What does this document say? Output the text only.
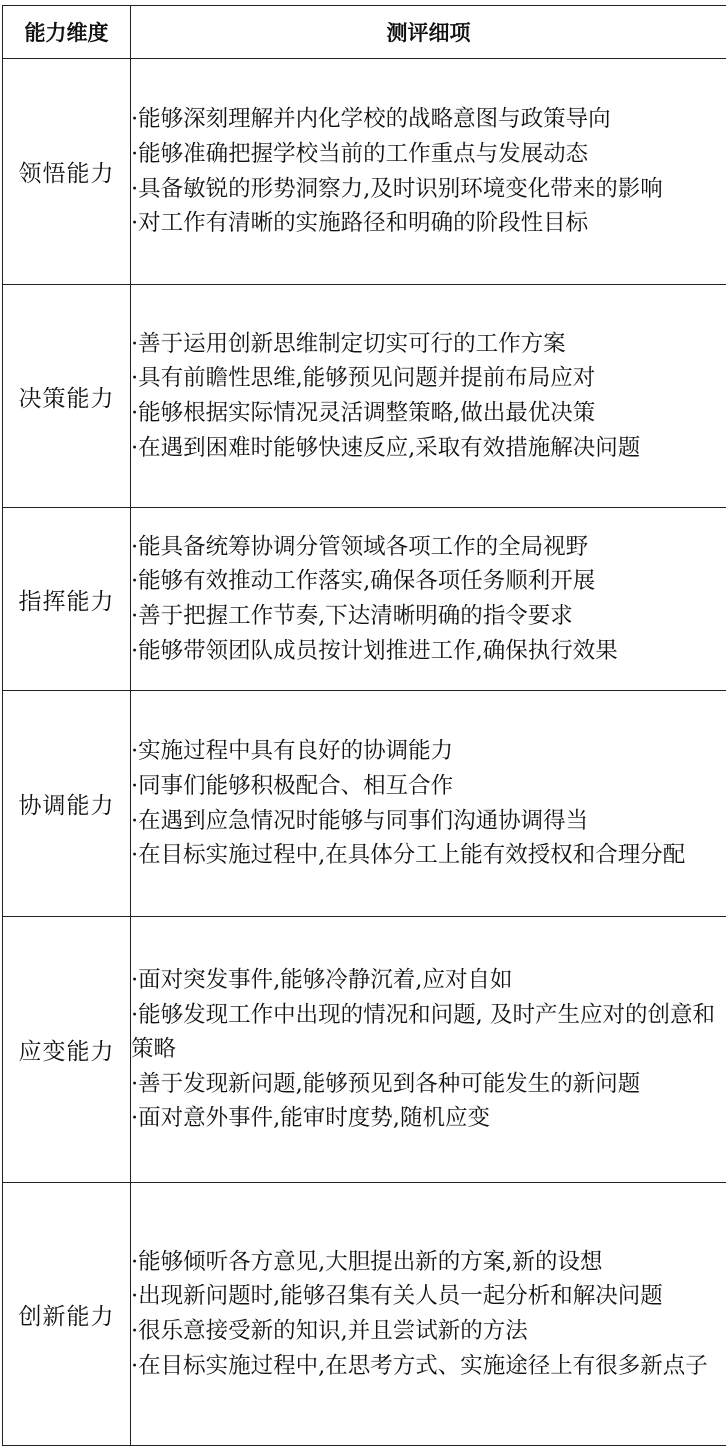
能力维度	测评细项
领悟能力	·能够深刻理解并内化学校的战略意图与政策导向
·能够准确把握学校当前的工作重点与发展动态
·具备敏锐的形势洞察力,及时识别环境变化带来的影响
·对工作有清晰的实施路径和明确的阶段性目标

决策能力	·善于运用创新思维制定切实可行的工作方案
·具有前瞻性思维,能够预见问题并提前布局应对
·能够根据实际情况灵活调整策略,做出最优决策
·在遇到困难时能够快速反应,采取有效措施解决问题

指挥能力	·能具备统筹协调分管领域各项工作的全局视野
·能够有效推动工作落实,确保各项任务顺利开展
·善于把握工作节奏,下达清晰明确的指令要求
·能够带领团队成员按计划推进工作,确保执行效果

协调能力	·实施过程中具有良好的协调能力
·同事们能够积极配合、相互合作
·在遇到应急情况时能够与同事们沟通协调得当
·在目标实施过程中,在具体分工上能有效授权和合理分配

应变能力	·面对突发事件,能够冷静沉着,应对自如
·能够发现工作中出现的情况和问题, 及时产生应对的创意和策略
·善于发现新问题,能够预见到各种可能发生的新问题
·面对意外事件,能审时度势,随机应变

创新能力	·能够倾听各方意见,大胆提出新的方案,新的设想
·出现新问题时,能够召集有关人员一起分析和解决问题
·很乐意接受新的知识,并且尝试新的方法
·在目标实施过程中,在思考方式、实施途径上有很多新点子
